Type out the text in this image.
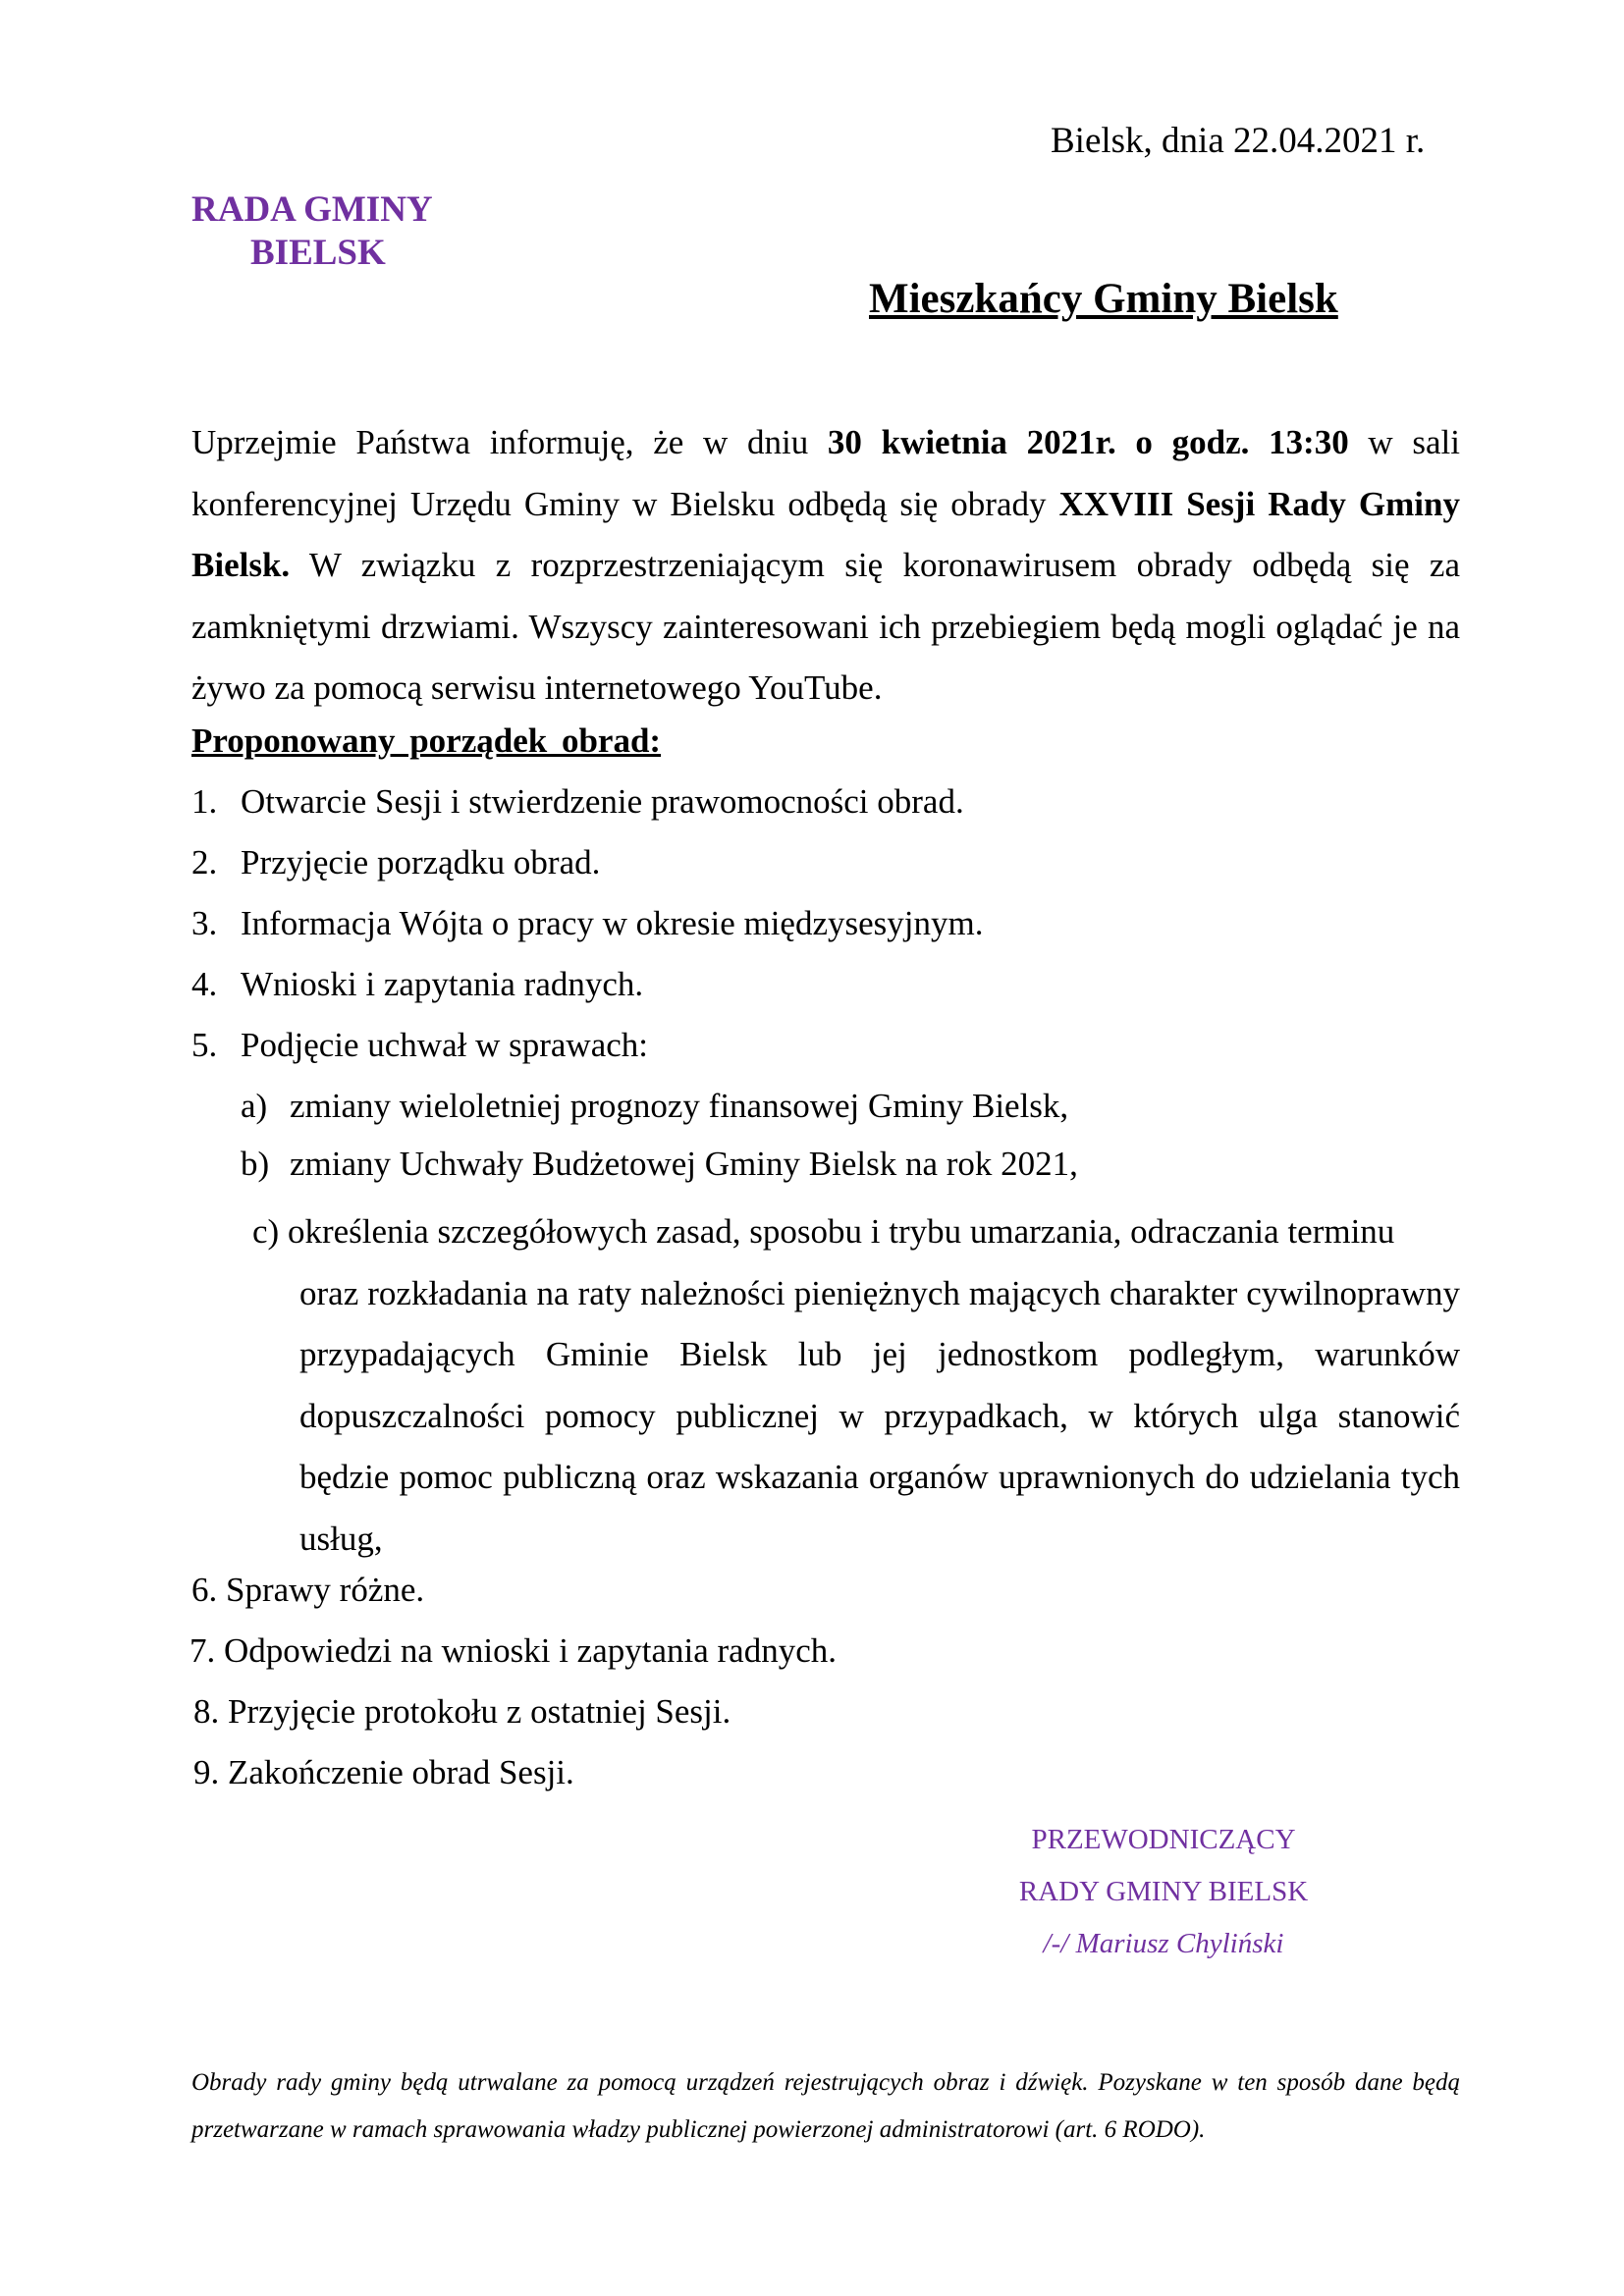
Bielsk, dnia 22.04.2021 r.
RADA GMINY
BIELSK
Mieszkańcy Gminy Bielsk
Uprzejmie Państwa informuję, że w dniu 30 kwietnia 2021r. o godz. 13:30 w sali konferencyjnej Urzędu Gminy w Bielsku odbędą się obrady XXVIII Sesji Rady Gminy Bielsk. W związku z rozprzestrzeniającym się koronawirusem obrady odbędą się za zamkniętymi drzwiami. Wszyscy zainteresowani ich przebiegiem będą mogli oglądać je na żywo za pomocą serwisu internetowego YouTube.
Proponowany porządek obrad:
1. Otwarcie Sesji i stwierdzenie prawomocności obrad.
2. Przyjęcie porządku obrad.
3. Informacja Wójta o pracy w okresie międzysesyjnym.
4. Wnioski i zapytania radnych.
5. Podjęcie uchwał w sprawach:
a) zmiany wieloletniej prognozy finansowej Gminy Bielsk,
b) zmiany Uchwały Budżetowej Gminy Bielsk na rok 2021,
c) określenia szczegółowych zasad, sposobu i trybu umarzania, odraczania terminu
oraz rozkładania na raty należności pieniężnych mających charakter cywilnoprawny przypadających Gminie Bielsk lub jej jednostkom podległym, warunków dopuszczalności pomocy publicznej w przypadkach, w których ulga stanowić będzie pomoc publiczną oraz wskazania organów uprawnionych do udzielania tych usług,
6. Sprawy różne.
7. Odpowiedzi na wnioski i zapytania radnych.
8. Przyjęcie protokołu z ostatniej Sesji.
9. Zakończenie obrad Sesji.
PRZEWODNICZĄCY
RADY GMINY BIELSK
/-/ Mariusz Chyliński
Obrady rady gminy będą utrwalane za pomocą urządzeń rejestrujących obraz i dźwięk. Pozyskane w ten sposób dane będą przetwarzane w ramach sprawowania władzy publicznej powierzonej administratorowi (art. 6 RODO).
